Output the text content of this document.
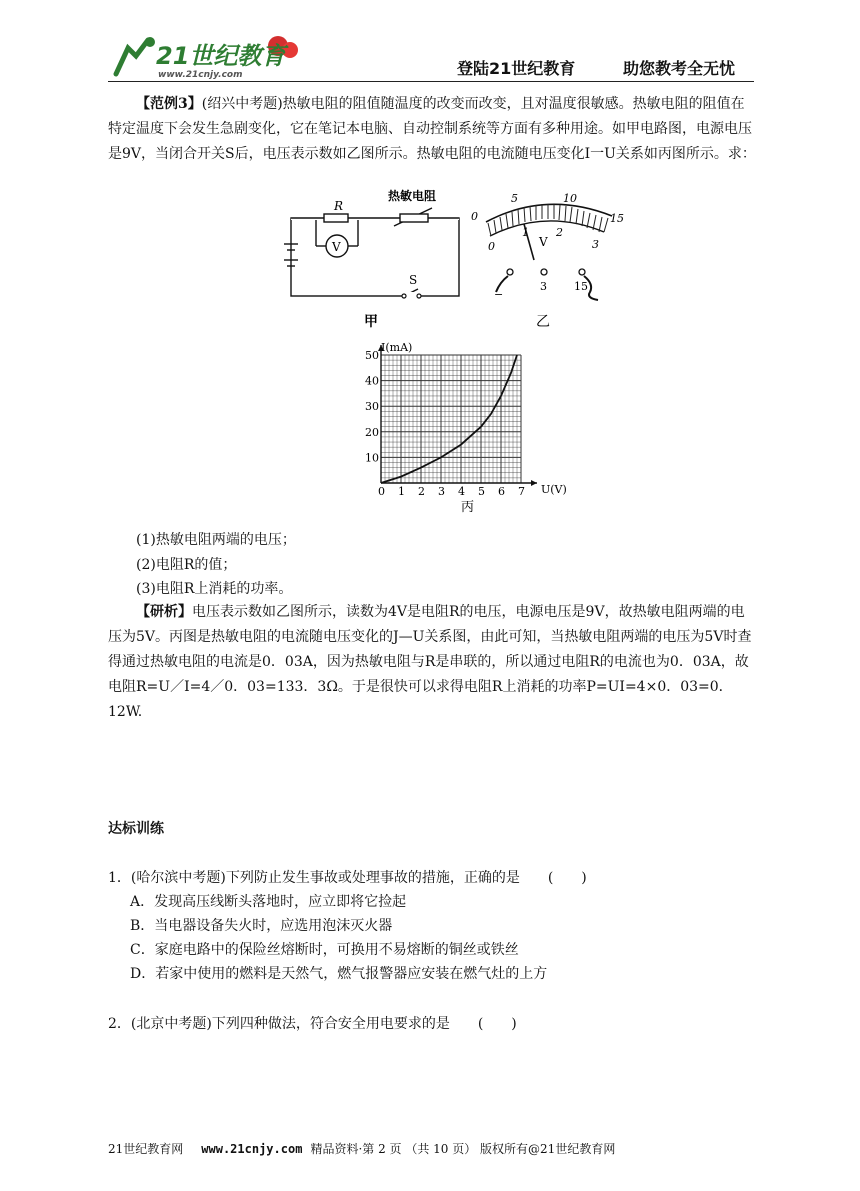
21世纪教育
www.21cnjy.com	登陆21世纪教育	助您教考全无忧
【范例3】(绍兴中考题)热敏电阻的阻值随温度的改变而改变，且对温度很敏感。热敏电阻的阻值在特定温度下会发生急剧变化，它在笔记本电脑、自动控制系统等方面有多种用途。如甲电路图，电源电压是9V，当闭合开关S后，电压表示数如乙图所示。热敏电阻的电流随电压变化I一U关系如丙图所示。求：
R
热敏电阻
V
S
甲
0
5	10
15
0
1 2
3
V
−
3 15
乙
0 1 2 3 4 5 6 7
10
20
30
40
50
I(mA)
U(V)
丙
(1)热敏电阻两端的电压；
(2)电阻R的值；
(3)电阻R上消耗的功率。
【研析】电压表示数如乙图所示，读数为4V是电阻R的电压，电源电压是9V，故热敏电阻两端的电压为5V。丙图是热敏电阻的电流随电压变化的J—U关系图，由此可知，当热敏电阻两端的电压为5V时查得通过热敏电阻的电流是0．03A，因为热敏电阻与R是串联的，所以通过电阻R的电流也为0．03A，故电阻R=U／I=4／0．03=133．3Ω。于是很快可以求得电阻R上消耗的功率P=UI=4×0．03=0．12W.
达标训练
1．(哈尔滨中考题)下列防止发生事故或处理事故的措施，正确的是　　(　　)
A．发现高压线断头落地时，应立即将它捡起
B．当电器设备失火时，应选用泡沫灭火器
C．家庭电路中的保险丝熔断时，可换用不易熔断的铜丝或铁丝
D．若家中使用的燃料是天然气，燃气报警器应安装在燃气灶的上方
2．(北京中考题)下列四种做法，符合安全用电要求的是　　(　　)
21世纪教育网 www.21cnjy.com 精品资料·第 2 页 （共 10 页） 版权所有@21世纪教育网
